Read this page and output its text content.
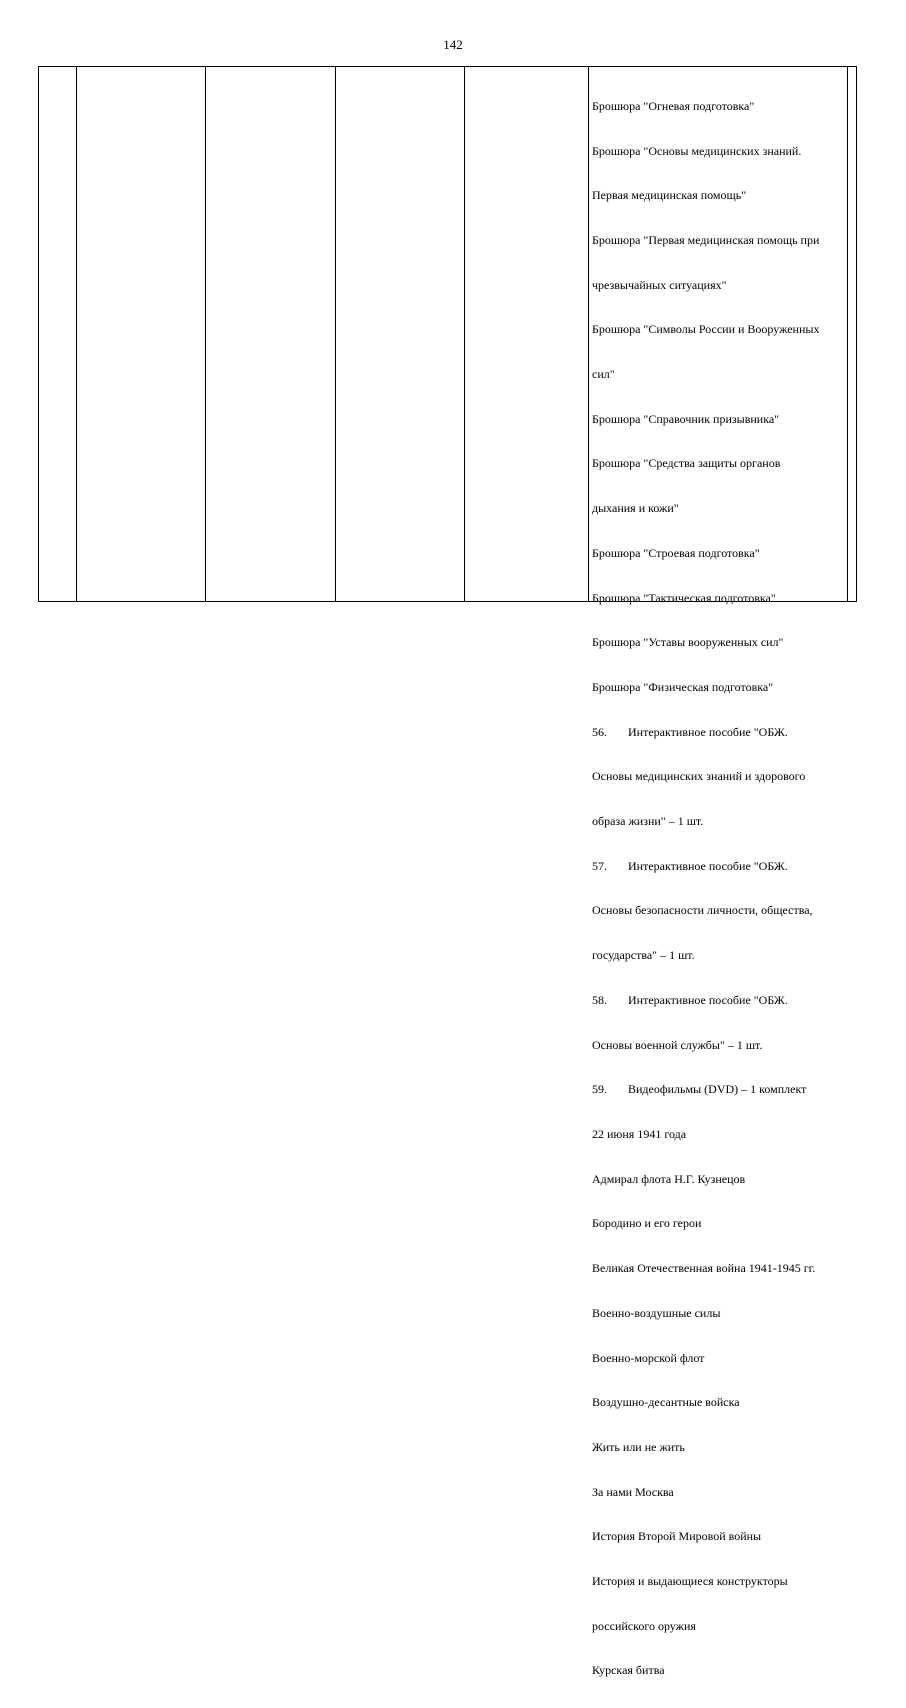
142

Брошюра "Огневая подготовка"

Брошюра "Основы медицинских знаний.

Первая медицинская помощь"

Брошюра "Первая медицинская помощь при

чрезвычайных ситуациях"

Брошюра "Символы России и Вооруженных

сил"

Брошюра "Справочник призывника"

Брошюра "Средства защиты органов

дыхания и кожи"

Брошюра "Строевая подготовка"

Брошюра "Тактическая подготовка"

Брошюра "Уставы вооруженных сил"

Брошюра "Физическая подготовка"

56.       Интерактивное пособие "ОБЖ.

Основы медицинских знаний и здорового

образа жизни" – 1 шт.

57.       Интерактивное пособие "ОБЖ.

Основы безопасности личности, общества,

государства" – 1 шт.

58.       Интерактивное пособие "ОБЖ.

Основы военной службы" – 1 шт.

59.       Видеофильмы (DVD) – 1 комплект

22 июня 1941 года

Адмирал флота Н.Г. Кузнецов

Бородино и его герои

Великая Отечественная война 1941-1945 гг.

Военно-воздушные силы

Военно-морской флот

Воздушно-десантные войска

Жить или не жить

За нами Москва

История Второй Мировой войны

История и выдающиеся конструкторы

российского оружия

Курская битва
